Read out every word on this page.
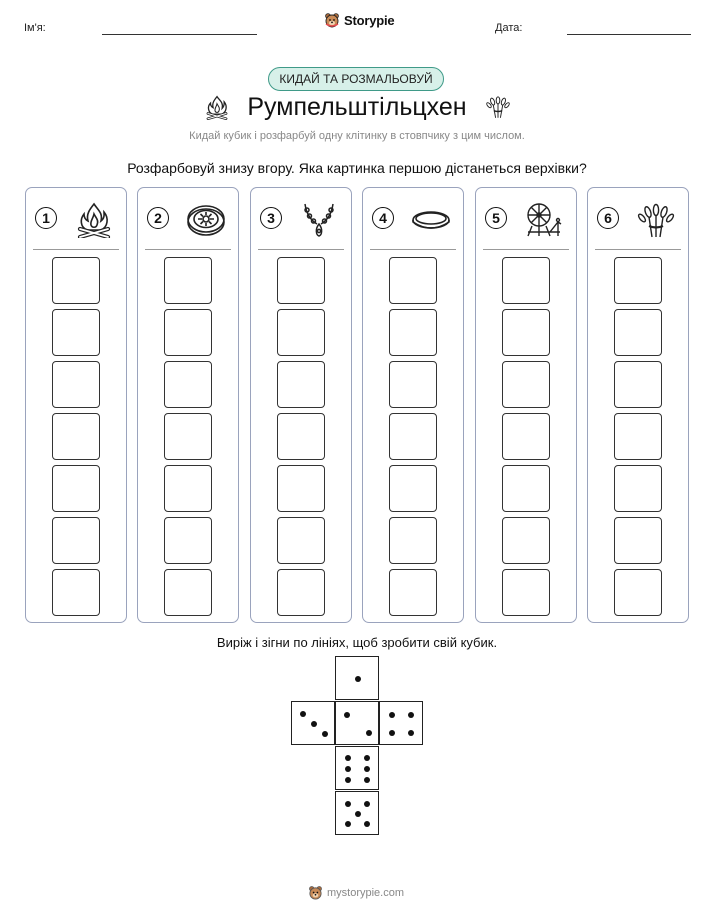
Ім'я:
Storypie
Дата:
КИДАЙ ТА РОЗМАЛЬОВУЙ
Румпельштільцхен
Кидай кубик і розфарбуй одну клітинку в стовпчику з цим числом.
Розфарбовуй знизу вгору. Яка картинка першою дістанеться верхівки?
1	2	3	4	5	6
Виріж і зігни по лініях, щоб зробити свій кубик.
mystorypie.com
